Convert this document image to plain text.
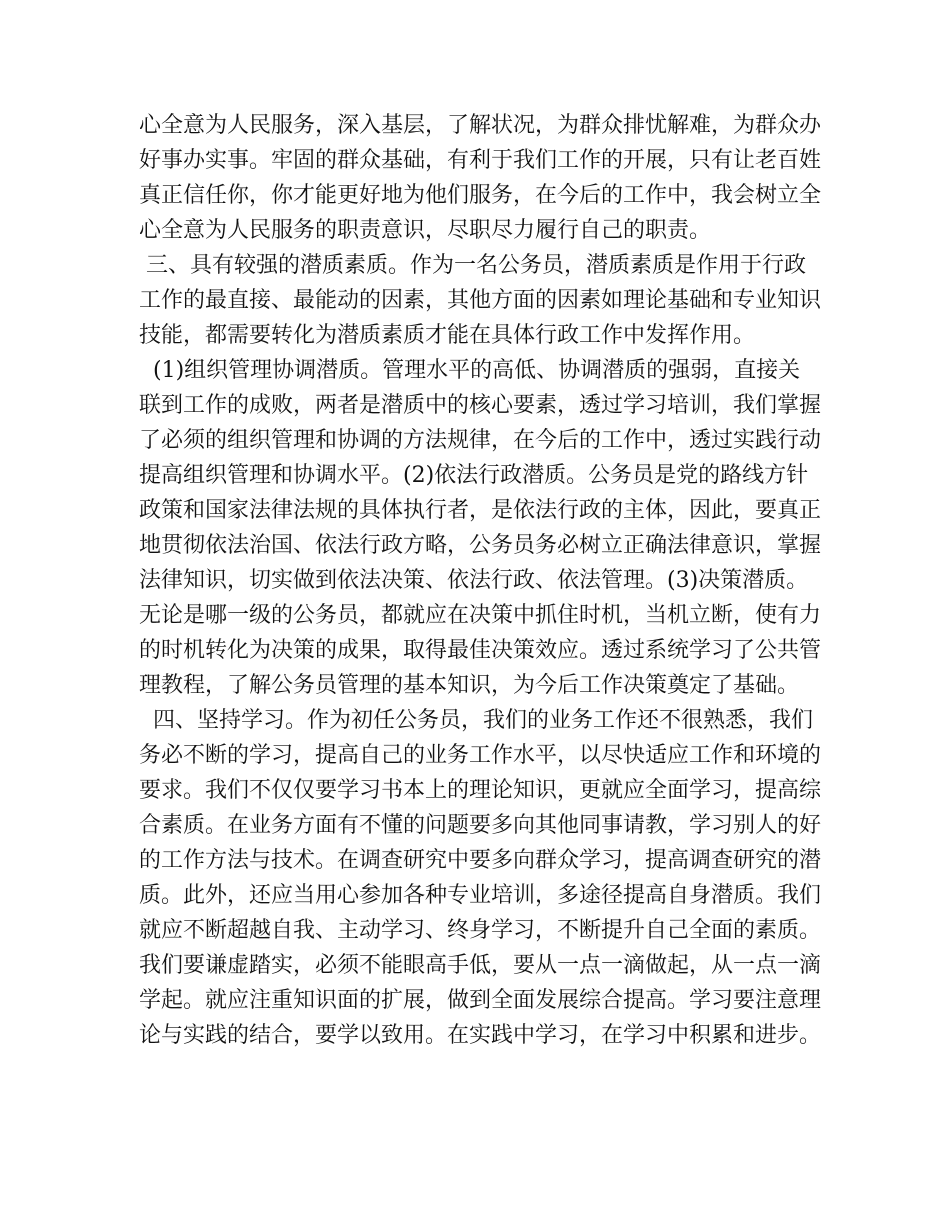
心全意为人民服务，深入基层，了解状况，为群众排忧解难，为群众办
好事办实事。牢固的群众基础，有利于我们工作的开展，只有让老百姓
真正信任你，你才能更好地为他们服务，在今后的工作中，我会树立全
心全意为人民服务的职责意识，尽职尽力履行自己的职责。
三、具有较强的潜质素质。作为一名公务员，潜质素质是作用于行政
工作的最直接、最能动的因素，其他方面的因素如理论基础和专业知识
技能，都需要转化为潜质素质才能在具体行政工作中发挥作用。
(1)组织管理协调潜质。管理水平的高低、协调潜质的强弱，直接关
联到工作的成败，两者是潜质中的核心要素，透过学习培训，我们掌握
了必须的组织管理和协调的方法规律，在今后的工作中，透过实践行动
提高组织管理和协调水平。(2)依法行政潜质。公务员是党的路线方针
政策和国家法律法规的具体执行者，是依法行政的主体，因此，要真正
地贯彻依法治国、依法行政方略，公务员务必树立正确法律意识，掌握
法律知识，切实做到依法决策、依法行政、依法管理。(3)决策潜质。
无论是哪一级的公务员，都就应在决策中抓住时机，当机立断，使有力
的时机转化为决策的成果，取得最佳决策效应。透过系统学习了公共管
理教程，了解公务员管理的基本知识，为今后工作决策奠定了基础。
四、坚持学习。作为初任公务员，我们的业务工作还不很熟悉，我们
务必不断的学习，提高自己的业务工作水平，以尽快适应工作和环境的
要求。我们不仅仅要学习书本上的理论知识，更就应全面学习，提高综
合素质。在业务方面有不懂的问题要多向其他同事请教，学习别人的好
的工作方法与技术。在调查研究中要多向群众学习，提高调查研究的潜
质。此外，还应当用心参加各种专业培训，多途径提高自身潜质。我们
就应不断超越自我、主动学习、终身学习，不断提升自己全面的素质。
我们要谦虚踏实，必须不能眼高手低，要从一点一滴做起，从一点一滴
学起。就应注重知识面的扩展，做到全面发展综合提高。学习要注意理
论与实践的结合，要学以致用。在实践中学习，在学习中积累和进步。
